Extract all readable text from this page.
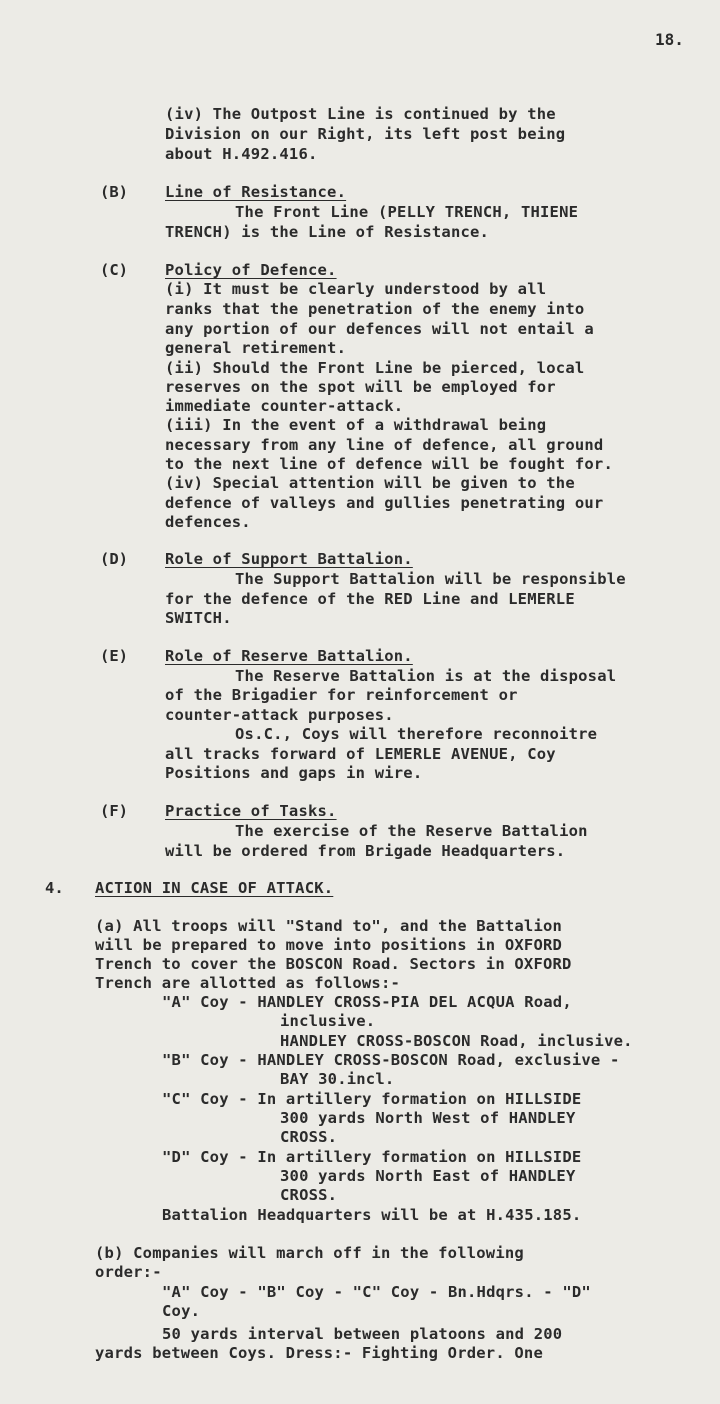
18.
(iv) The Outpost Line is continued by the
Division on our Right, its left post being
about H.492.416.
(B) Line of Resistance.
The Front Line (PELLY TRENCH, THIENE
TRENCH) is the Line of Resistance.
(C) Policy of Defence.
(i) It must be clearly understood by all
ranks that the penetration of the enemy into
any portion of our defences will not entail a
general retirement.
(ii) Should the Front Line be pierced, local
reserves on the spot will be employed for
immediate counter-attack.
(iii) In the event of a withdrawal being
necessary from any line of defence, all ground
to the next line of defence will be fought for.
(iv) Special attention will be given to the
defence of valleys and gullies penetrating our
defences.
(D) Role of Support Battalion.
The Support Battalion will be responsible
for the defence of the RED Line and LEMERLE
SWITCH.
(E) Role of Reserve Battalion.
The Reserve Battalion is at the disposal
of the Brigadier for reinforcement or
counter-attack purposes.
Os.C., Coys will therefore reconnoitre
all tracks forward of LEMERLE AVENUE, Coy
Positions and gaps in wire.
(F) Practice of Tasks.
The exercise of the Reserve Battalion
will be ordered from Brigade Headquarters.
4. ACTION IN CASE OF ATTACK.
(a) All troops will "Stand to", and the Battalion
will be prepared to move into positions in OXFORD
Trench to cover the BOSCON Road. Sectors in OXFORD
Trench are allotted as follows:-
"A" Coy - HANDLEY CROSS-PIA DEL ACQUA Road,
inclusive.
HANDLEY CROSS-BOSCON Road, inclusive.
"B" Coy - HANDLEY CROSS-BOSCON Road, exclusive -
BAY 30.incl.
"C" Coy - In artillery formation on HILLSIDE
300 yards North West of HANDLEY
CROSS.
"D" Coy - In artillery formation on HILLSIDE
300 yards North East of HANDLEY
CROSS.
Battalion Headquarters will be at H.435.185.
(b) Companies will march off in the following
order:-
"A" Coy - "B" Coy - "C" Coy - Bn.Hdqrs. - "D"
Coy.
50 yards interval between platoons and 200
yards between Coys. Dress:- Fighting Order. One
